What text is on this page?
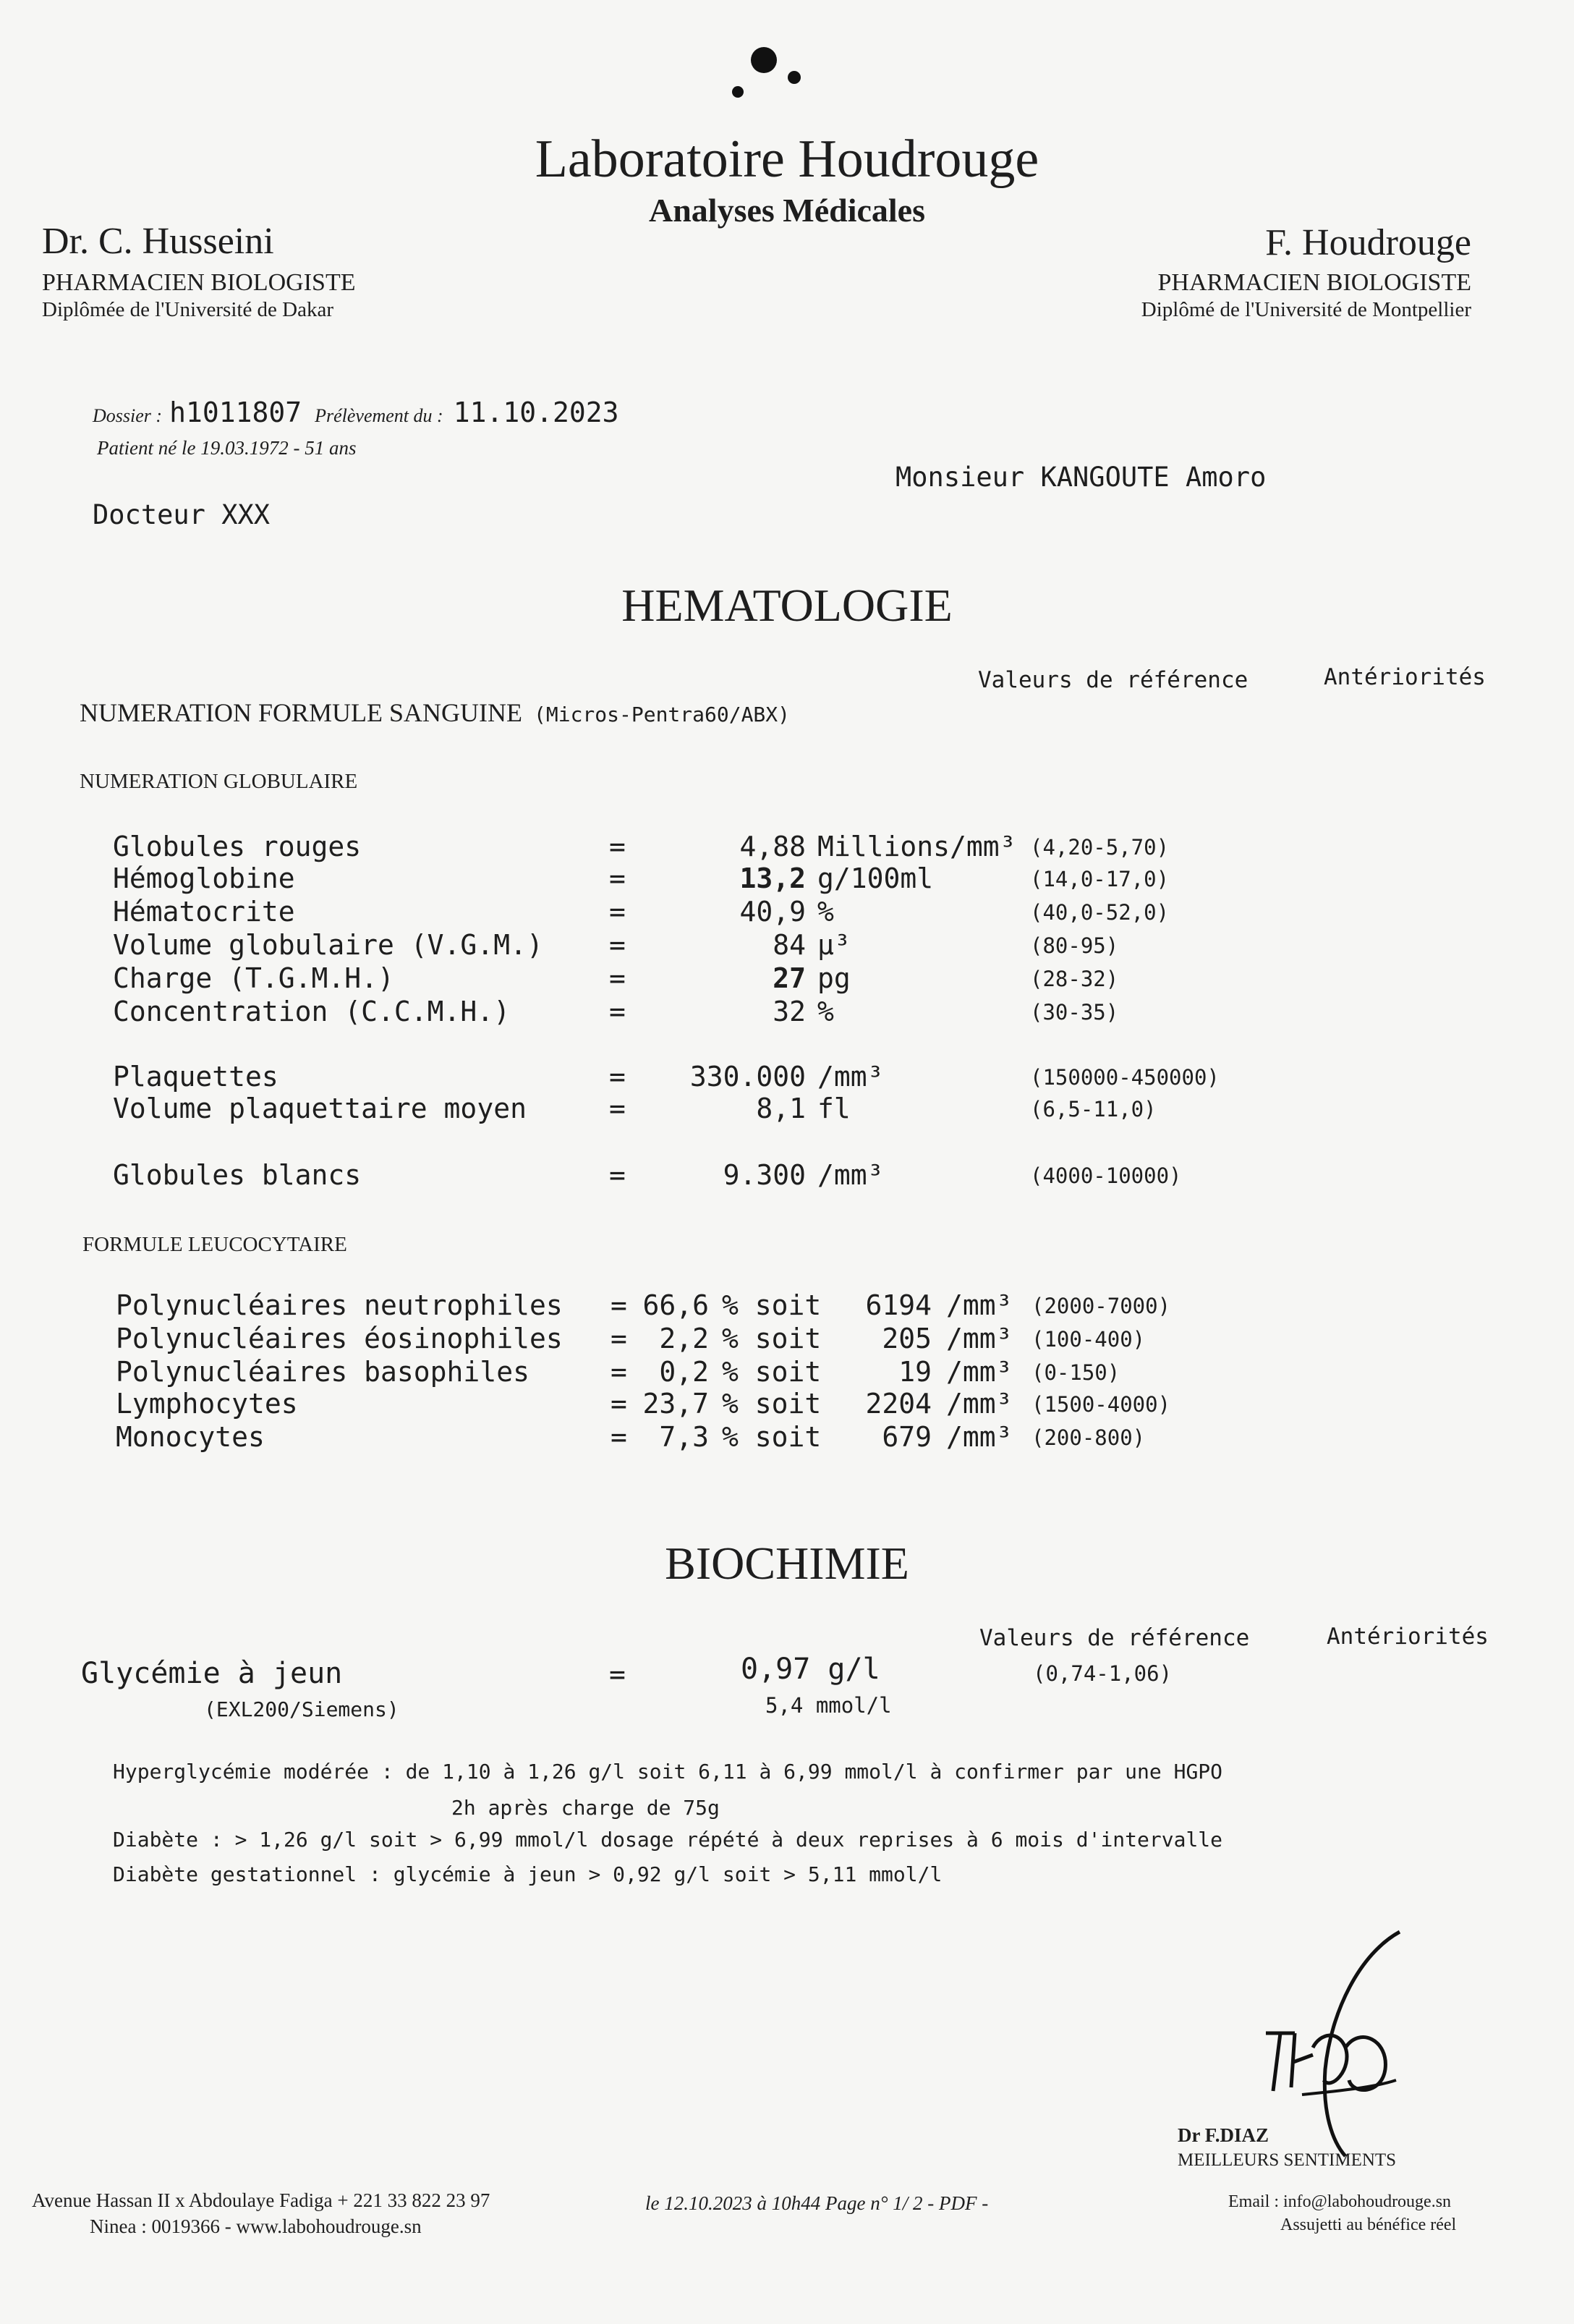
Laboratoire Houdrouge
Analyses Médicales
Dr. C. Husseini
PHARMACIEN BIOLOGISTE
Diplômée de l'Université de Dakar
F. Houdrouge
PHARMACIEN BIOLOGISTE
Diplômé de l'Université de Montpellier
Dossier : h1011807 Prélèvement du : 11.10.2023
Patient né le 19.03.1972 - 51 ans
Monsieur KANGOUTE Amoro
Docteur XXX
HEMATOLOGIE
Valeurs de référence	Antériorités
NUMERATION FORMULE SANGUINE (Micros-Pentra60/ABX)
NUMERATION GLOBULAIRE
Globules rouges	=	4,88 Millions/mm³ (4,20-5,70)
Hémoglobine	=	13,2 g/100ml	(14,0-17,0)
Hématocrite	=	40,9 %	(40,0-52,0)
Volume globulaire (V.G.M.) =	84 µ³	(80-95)
Charge (T.G.M.H.)	=	27 pg	(28-32)
Concentration (C.C.M.H.)	=	32 %	(30-35)
Plaquettes	= 330.000 /mm³	(150000-450000)
Volume plaquettaire moyen	=	8,1 fl	(6,5-11,0)
Globules blancs	=	9.300 /mm³	(4000-10000)
FORMULE LEUCOCYTAIRE
Polynucléaires neutrophiles = 66,6 % soit 6194 /mm³ (2000-7000)
Polynucléaires éosinophiles = 2,2 % soit 205 /mm³ (100-400)
Polynucléaires basophiles	= 0,2 % soit	19 /mm³ (0-150)
Lymphocytes	= 23,7 % soit 2204 /mm³ (1500-4000)
Monocytes	= 7,3 % soit 679 /mm³ (200-800)
BIOCHIMIE
Valeurs de référence	Antériorités
Glycémie à jeun	=	0,97 g/l	(0,74-1,06)
(EXL200/Siemens)	5,4 mmol/l
Hyperglycémie modérée : de 1,10 à 1,26 g/l soit 6,11 à 6,99 mmol/l à confirmer par une HGPO
2h après charge de 75g
Diabète : > 1,26 g/l soit > 6,99 mmol/l dosage répété à deux reprises à 6 mois d'intervalle
Diabète gestationnel : glycémie à jeun > 0,92 g/l soit > 5,11 mmol/l
Dr F.DIAZ
MEILLEURS SENTIMENTS
Avenue Hassan II x Abdoulaye Fadiga + 221 33 822 23 97
Ninea : 0019366 - www.labohoudrouge.sn
le 12.10.2023 à 10h44 Page n° 1/ 2 - PDF -	Email : info@labohoudrouge.sn
Assujetti au bénéfice réel
